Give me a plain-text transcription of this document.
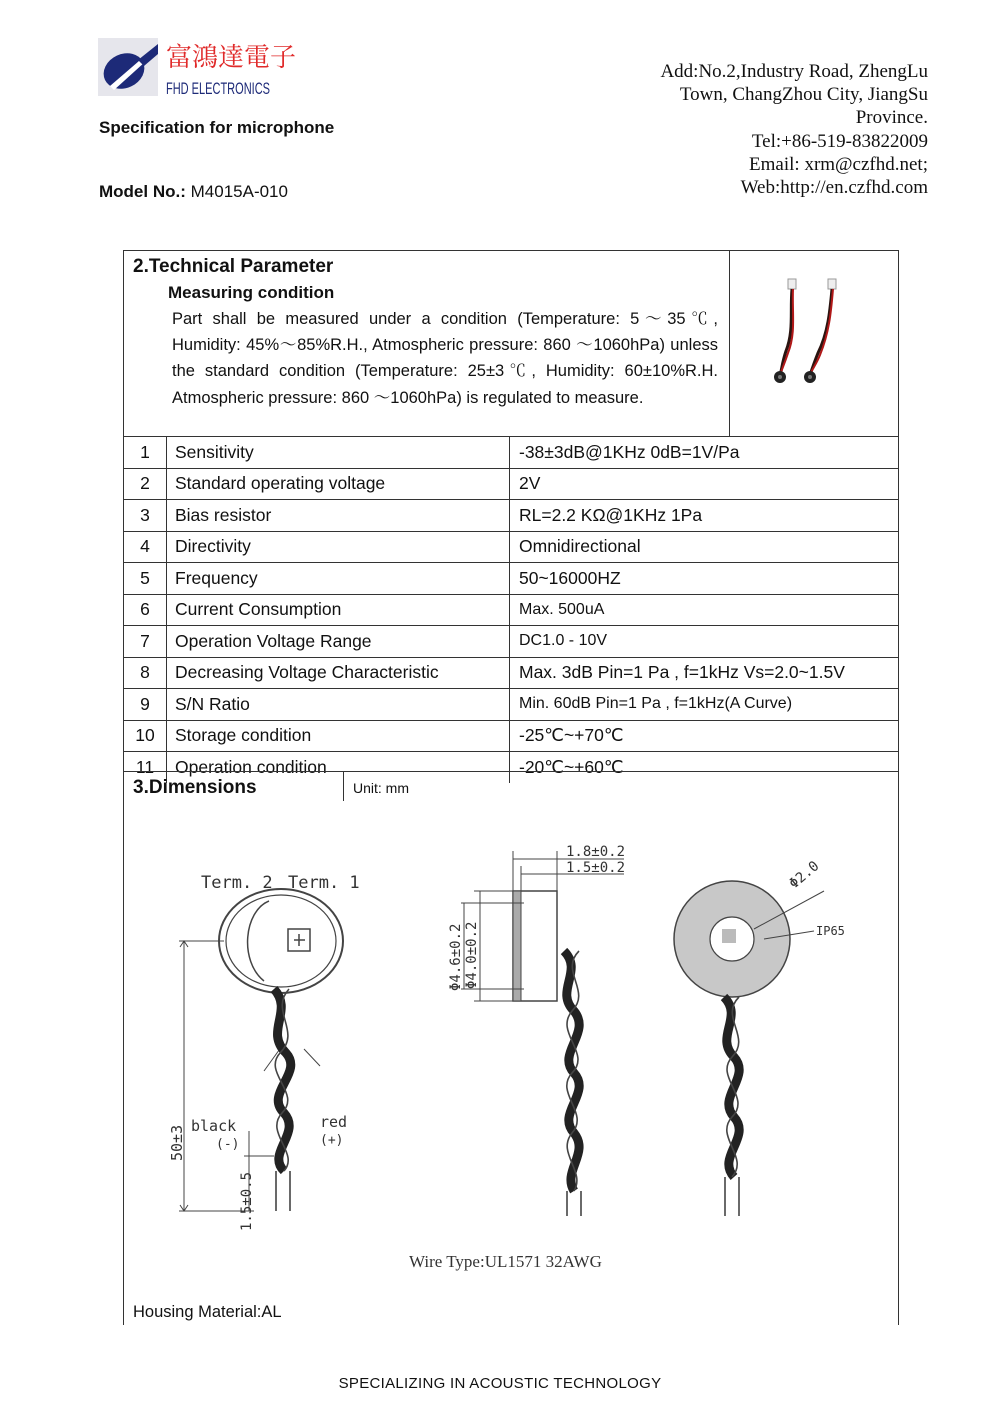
富鴻達電子
FHD ELECTRONICS
Specification for microphone
Model No.: M4015A-010
Add:No.2,Industry Road, ZhengLu
Town, ChangZhou City, JiangSu
Province.
Tel:+86-519-83822009
Email: xrm@czfhd.net;
Web:http://en.czfhd.com
2.Technical Parameter
Measuring condition
Part shall be measured under a condition (Temperature: 5～35℃, Humidity: 45%～85%R.H., Atmospheric pressure: 860 ～1060hPa) unless the standard condition (Temperature: 25±3℃, Humidity: 60±10%R.H. Atmospheric pressure: 860 ～1060hPa) is regulated to measure.
1	Sensitivity	-38±3dB@1KHz 0dB=1V/Pa
2	Standard operating voltage	2V
3	Bias resistor	RL=2.2 KΩ@1KHz 1Pa
4	Directivity	Omnidirectional
5	Frequency	50~16000HZ
6	Current Consumption	Max. 500uA
7	Operation Voltage Range	DC1.0 - 10V
8	Decreasing Voltage Characteristic	Max. 3dB Pin=1 Pa , f=1kHz Vs=2.0~1.5V
9	S/N Ratio	Min. 60dB Pin=1 Pa , f=1kHz(A Curve)
10	Storage condition	-25℃~+70℃
11	Operation condition	-20℃~+60℃
3.Dimensions	Unit: mm
Term. 2 Term. 1
black
(-)
red
(+)
50±3
1.5±0.5
1.8±0.2
1.5±0.2
Φ4.6±0.2 Φ4.0±0.2
Φ2.0
IP65
Wire Type:UL1571 32AWG
Housing Material:AL
SPECIALIZING IN ACOUSTIC TECHNOLOGY
